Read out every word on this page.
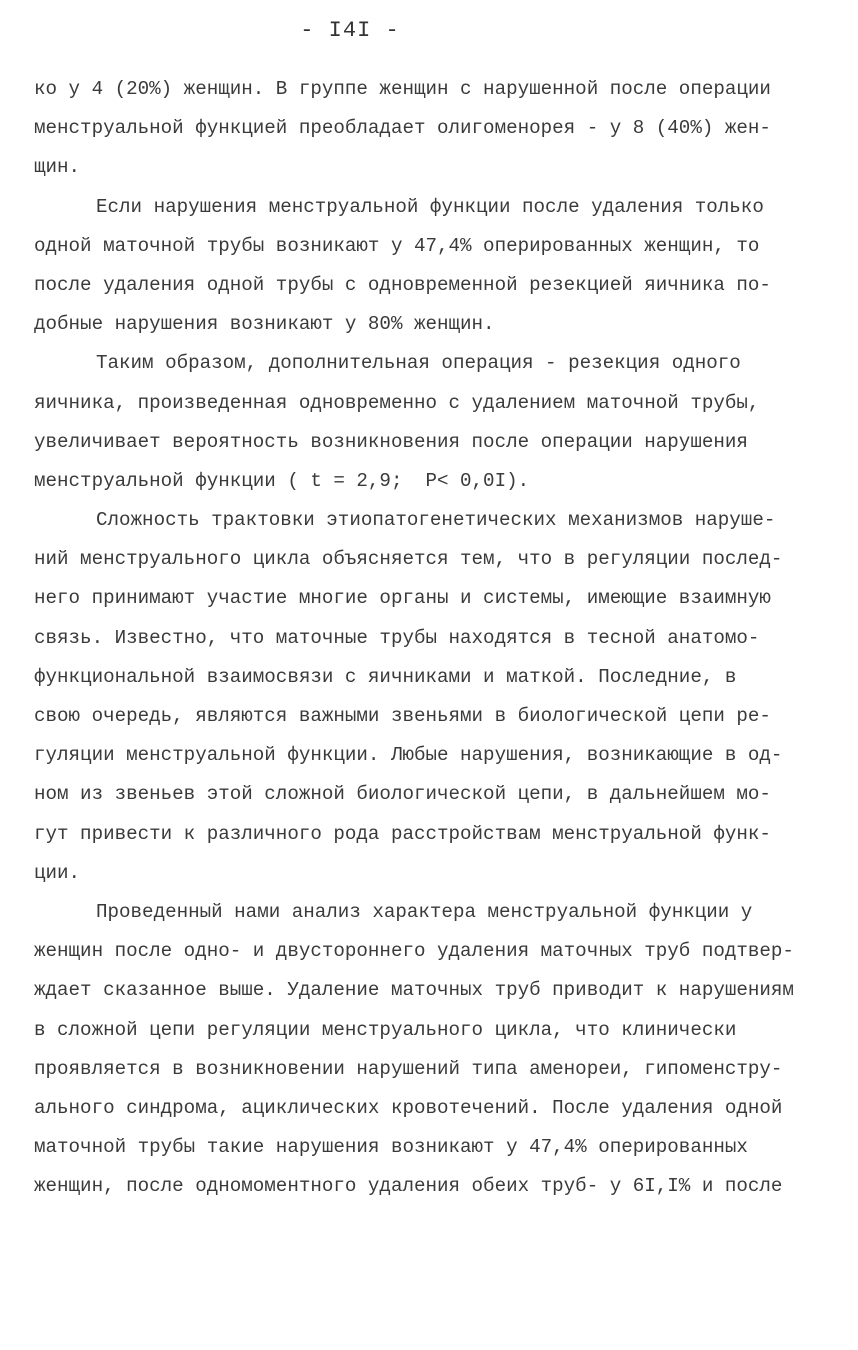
- I4I -
ко у 4 (20%) женщин. В группе женщин с нарушенной после операции
менструальной функцией преобладает олигоменорея - у 8 (40%) жен-
щин.
Если нарушения менструальной функции после удаления только
одной маточной трубы возникают у 47,4% оперированных женщин, то
после удаления одной трубы с одновременной резекцией яичника по-
добные нарушения возникают у 80% женщин.
Таким образом, дополнительная операция - резекция одного
яичника, произведенная одновременно с удалением маточной трубы,
увеличивает вероятность возникновения после операции нарушения
менструальной функции ( t = 2,9;  P< 0,0I).
Сложность трактовки этиопатогенетических механизмов наруше-
ний менструального цикла объясняется тем, что в регуляции послед-
него принимают участие многие органы и системы, имеющие взаимную
связь. Известно, что маточные трубы находятся в тесной анатомо-
функциональной взаимосвязи с яичниками и маткой. Последние, в
свою очередь, являются важными звеньями в биологической цепи ре-
гуляции менструальной функции. Любые нарушения, возникающие в од-
ном из звеньев этой сложной биологической цепи, в дальнейшем мо-
гут привести к различного рода расстройствам менструальной функ-
ции.
Проведенный нами анализ характера менструальной функции у
женщин после одно- и двустороннего удаления маточных труб подтвер-
ждает сказанное выше. Удаление маточных труб приводит к нарушениям
в сложной цепи регуляции менструального цикла, что клинически
проявляется в возникновении нарушений типа аменореи, гипоменстру-
ального синдрома, ациклических кровотечений. После удаления одной
маточной трубы такие нарушения возникают у 47,4% оперированных
женщин, после одномоментного удаления обеих труб- у 6I,I% и после
